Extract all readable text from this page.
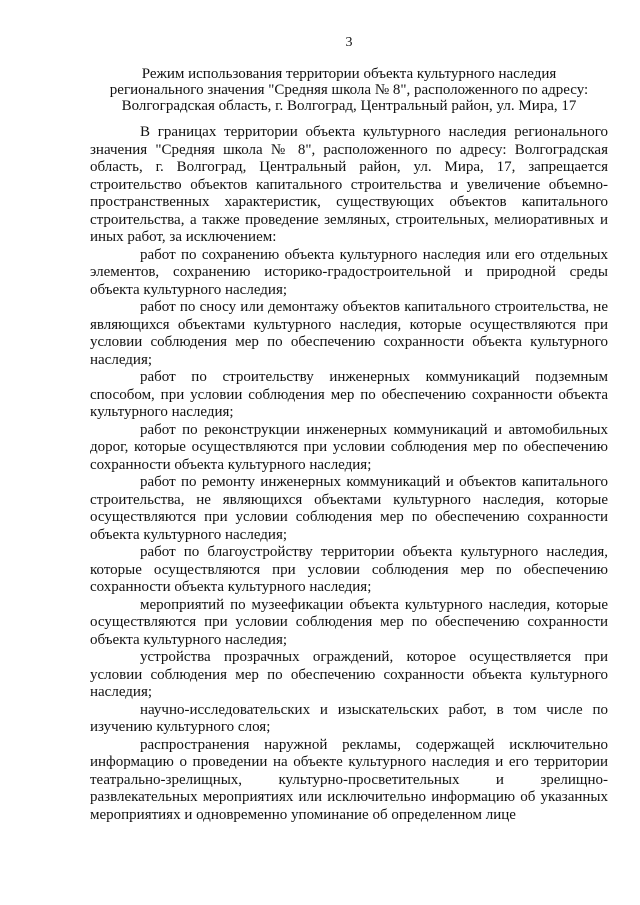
3
Режим использования территории объекта культурного наследия
регионального значения "Средняя школа № 8", расположенного по адресу:
Волгоградская область, г. Волгоград, Центральный район, ул. Мира, 17

В границах территории объекта культурного наследия регионального значения "Средняя школа № 8", расположенного по адресу: Волгоградская область, г. Волгоград, Центральный район, ул. Мира, 17, запрещается строительство объектов капитального строительства и увеличение объемно-пространственных характеристик, существующих объектов капитального строительства, а также проведение земляных, строительных, мелиоративных и иных работ, за исключением:

работ по сохранению объекта культурного наследия или его отдельных элементов, сохранению историко-градостроительной и природной среды объекта культурного наследия;

работ по сносу или демонтажу объектов капитального строительства, не являющихся объектами культурного наследия, которые осуществляются при условии соблюдения мер по обеспечению сохранности объекта культурного наследия;

работ по строительству инженерных коммуникаций подземным способом, при условии соблюдения мер по обеспечению сохранности объекта культурного наследия;

работ по реконструкции инженерных коммуникаций и автомобильных дорог, которые осуществляются при условии соблюдения мер по обеспечению сохранности объекта культурного наследия;

работ по ремонту инженерных коммуникаций и объектов капитального строительства, не являющихся объектами культурного наследия, которые осуществляются при условии соблюдения мер по обеспечению сохранности объекта культурного наследия;

работ по благоустройству территории объекта культурного наследия, которые осуществляются при условии соблюдения мер по обеспечению сохранности объекта культурного наследия;

мероприятий по музеефикации объекта культурного наследия, которые осуществляются при условии соблюдения мер по обеспечению сохранности объекта культурного наследия;

устройства прозрачных ограждений, которое осуществляется при условии соблюдения мер по обеспечению сохранности объекта культурного наследия;

научно-исследовательских и изыскательских работ, в том числе по изучению культурного слоя;

распространения наружной рекламы, содержащей исключительно информацию о проведении на объекте культурного наследия и его территории театрально-зрелищных, культурно-просветительных и зрелищно-развлекательных мероприятиях или исключительно информацию об указанных мероприятиях и одновременно упоминание об определенном лице
